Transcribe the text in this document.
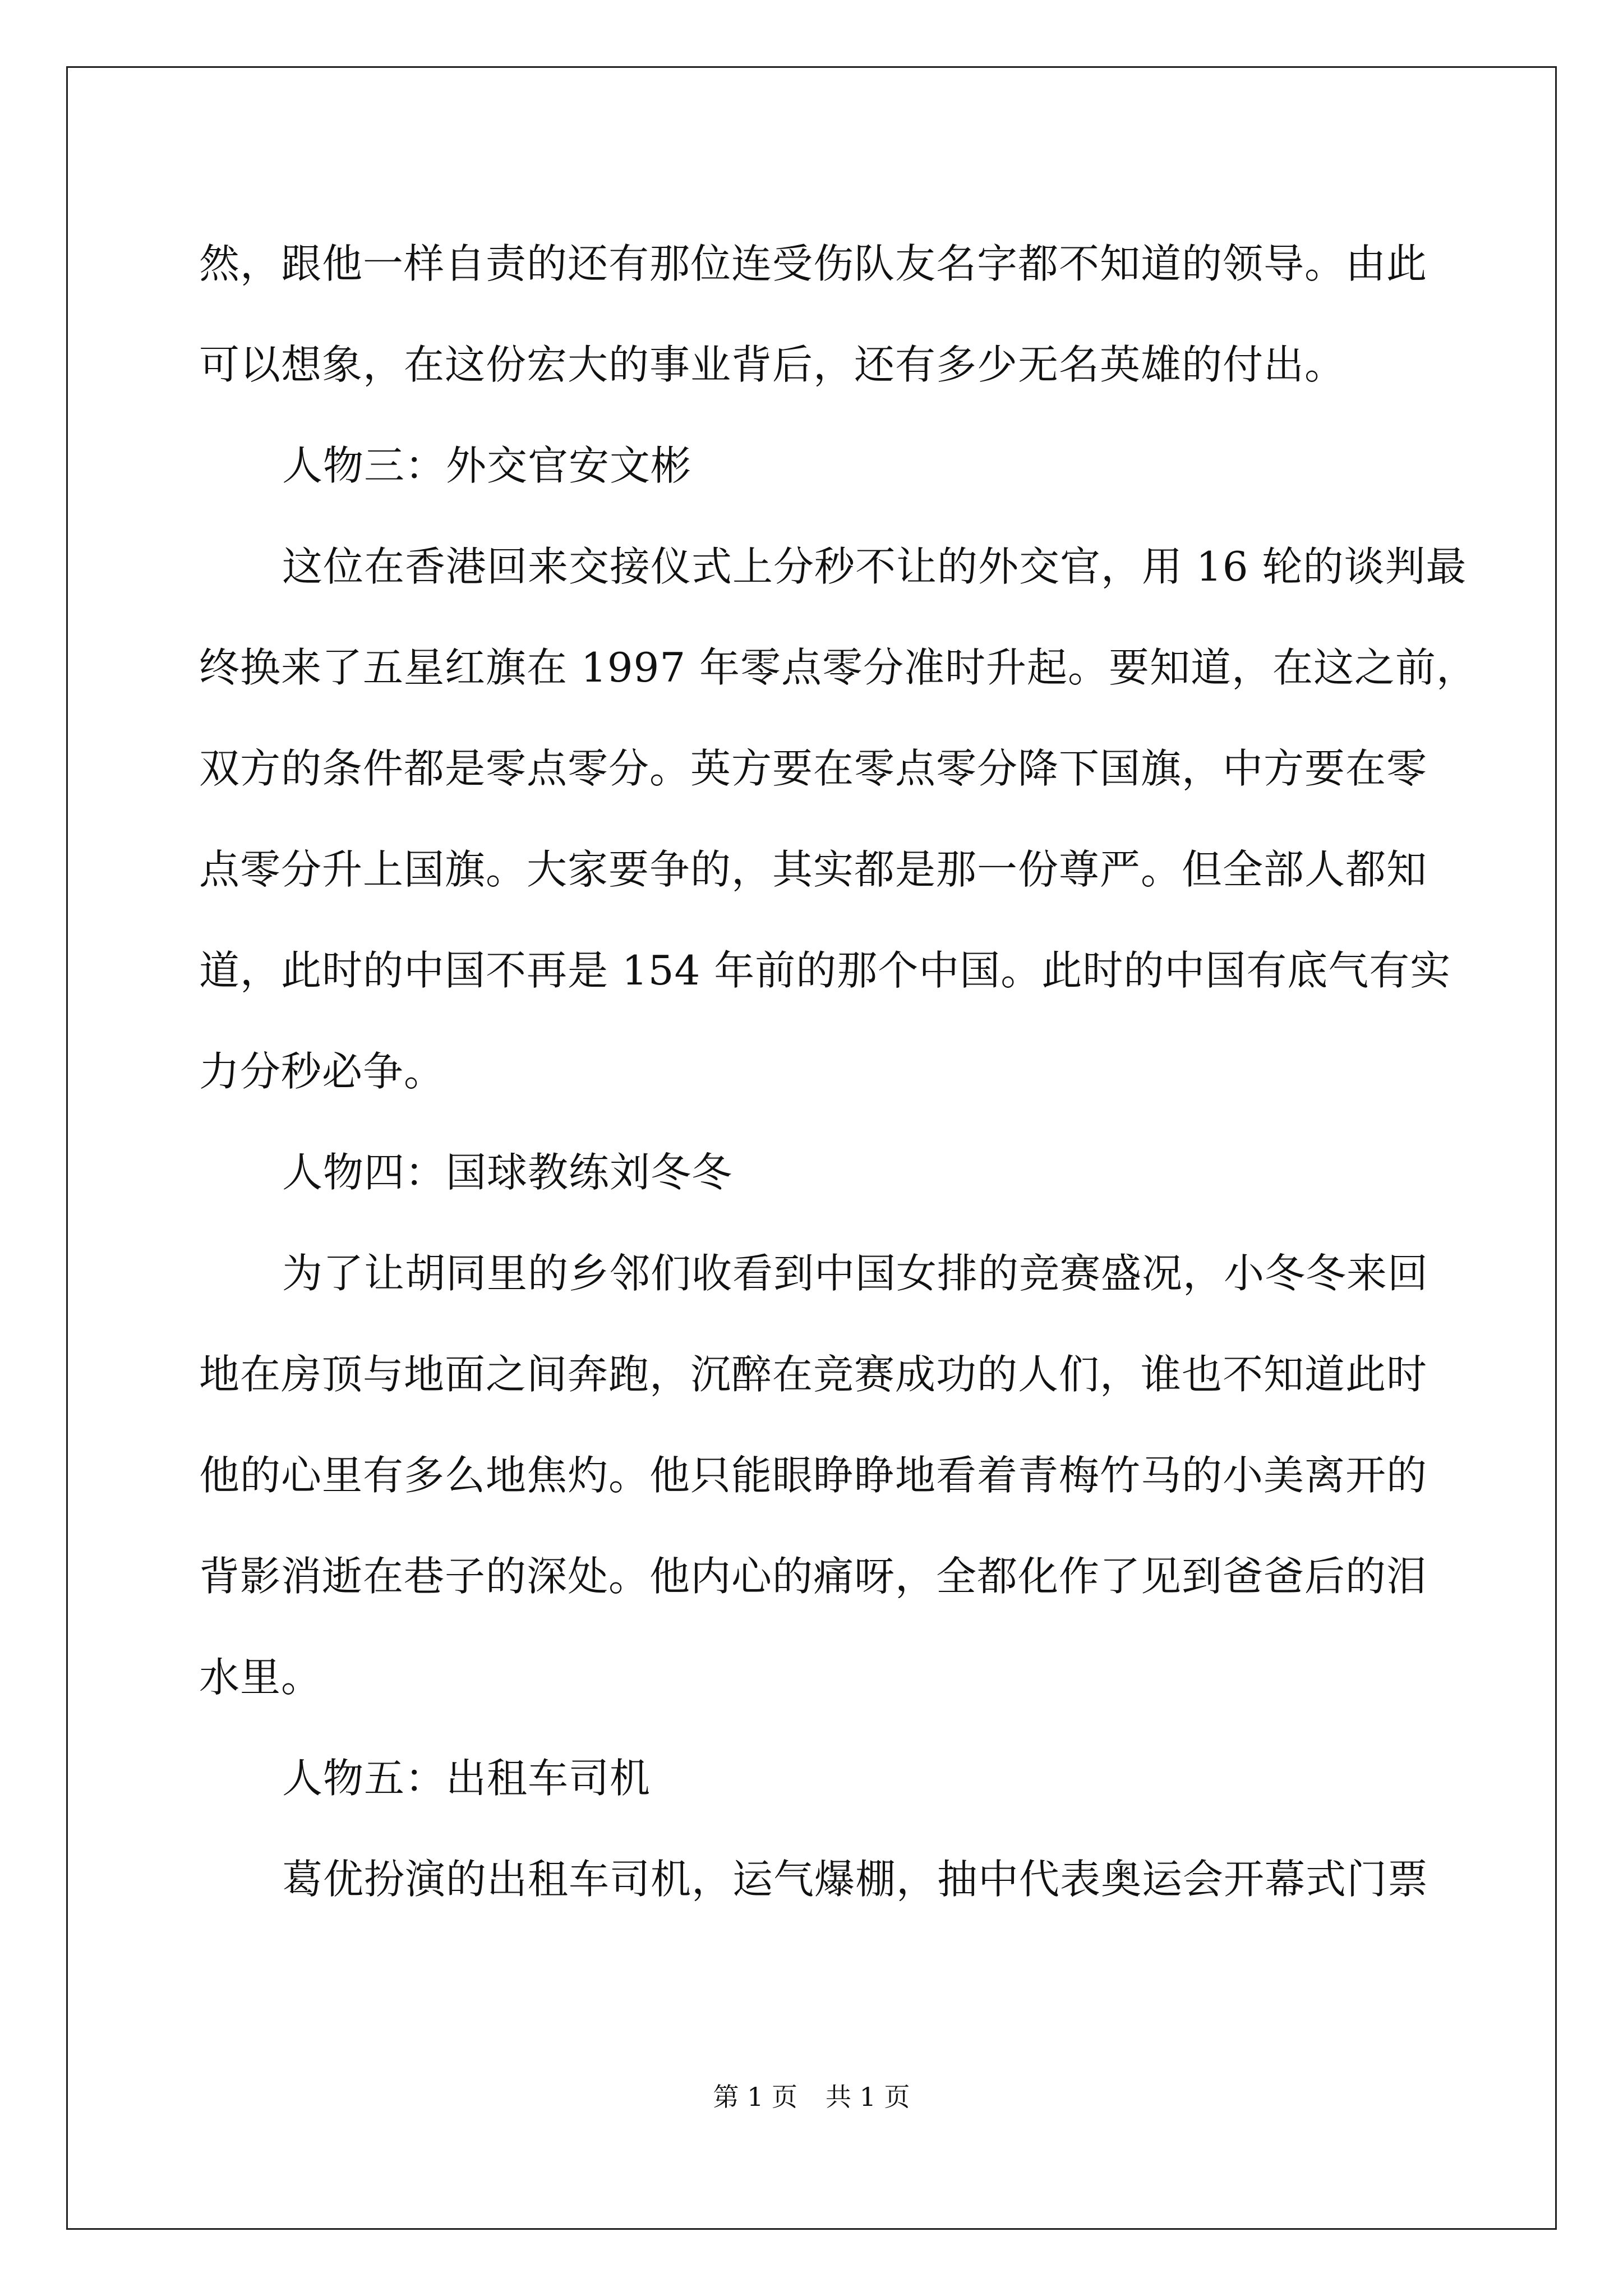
然，跟他一样自责的还有那位连受伤队友名字都不知道的领导。由此
可以想象，在这份宏大的事业背后，还有多少无名英雄的付出。
人物三：外交官安文彬
这位在香港回来交接仪式上分秒不让的外交官，用 16 轮的谈判最
终换来了五星红旗在 1997 年零点零分准时升起。要知道，在这之前，
双方的条件都是零点零分。英方要在零点零分降下国旗，中方要在零
点零分升上国旗。大家要争的，其实都是那一份尊严。但全部人都知
道，此时的中国不再是 154 年前的那个中国。此时的中国有底气有实
力分秒必争。
人物四：国球教练刘冬冬
为了让胡同里的乡邻们收看到中国女排的竞赛盛况，小冬冬来回
地在房顶与地面之间奔跑，沉醉在竞赛成功的人们，谁也不知道此时
他的心里有多么地焦灼。他只能眼睁睁地看着青梅竹马的小美离开的
背影消逝在巷子的深处。他内心的痛呀，全都化作了见到爸爸后的泪
水里。
人物五：出租车司机
葛优扮演的出租车司机，运气爆棚，抽中代表奥运会开幕式门票
第 1 页 共 1 页
